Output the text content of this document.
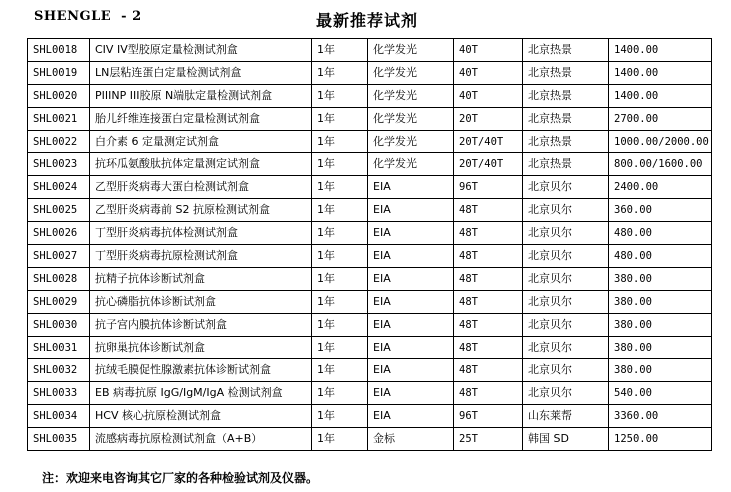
SHENGLE  - 2	最新推荐试剂
SHL0018	CIV IV型胶原定量检测试剂盒	1年	化学发光	40T	北京热景	1400.00
SHL0019	LN层粘连蛋白定量检测试剂盒	1年	化学发光	40T	北京热景	1400.00
SHL0020	PIIINP III胶原 N端肽定量检测试剂盒	1年	化学发光	40T	北京热景	1400.00
SHL0021	胎儿纤维连接蛋白定量检测试剂盒	1年	化学发光	20T	北京热景	2700.00
SHL0022	白介素 6 定量测定试剂盒	1年	化学发光	20T/40T	北京热景	1000.00/2000.00
SHL0023	抗环瓜氨酸肽抗体定量测定试剂盒	1年	化学发光	20T/40T	北京热景	800.00/1600.00
SHL0024	乙型肝炎病毒大蛋白检测试剂盒	1年	EIA	96T	北京贝尔	2400.00
SHL0025	乙型肝炎病毒前 S2 抗原检测试剂盒	1年	EIA	48T	北京贝尔	360.00
SHL0026	丁型肝炎病毒抗体检测试剂盒	1年	EIA	48T	北京贝尔	480.00
SHL0027	丁型肝炎病毒抗原检测试剂盒	1年	EIA	48T	北京贝尔	480.00
SHL0028	抗精子抗体诊断试剂盒	1年	EIA	48T	北京贝尔	380.00
SHL0029	抗心磷脂抗体诊断试剂盒	1年	EIA	48T	北京贝尔	380.00
SHL0030	抗子宫内膜抗体诊断试剂盒	1年	EIA	48T	北京贝尔	380.00
SHL0031	抗卵巢抗体诊断试剂盒	1年	EIA	48T	北京贝尔	380.00
SHL0032	抗绒毛膜促性腺激素抗体诊断试剂盒	1年	EIA	48T	北京贝尔	380.00
SHL0033	EB 病毒抗原 IgG/IgM/IgA 检测试剂盒	1年	EIA	48T	北京贝尔	540.00
SHL0034	HCV 核心抗原检测试剂盒	1年	EIA	96T	山东莱帮	3360.00
SHL0035	流感病毒抗原检测试剂盒（A+B）	1年	金标	25T	韩国 SD	1250.00
注：欢迎来电咨询其它厂家的各种检验试剂及仪器。
